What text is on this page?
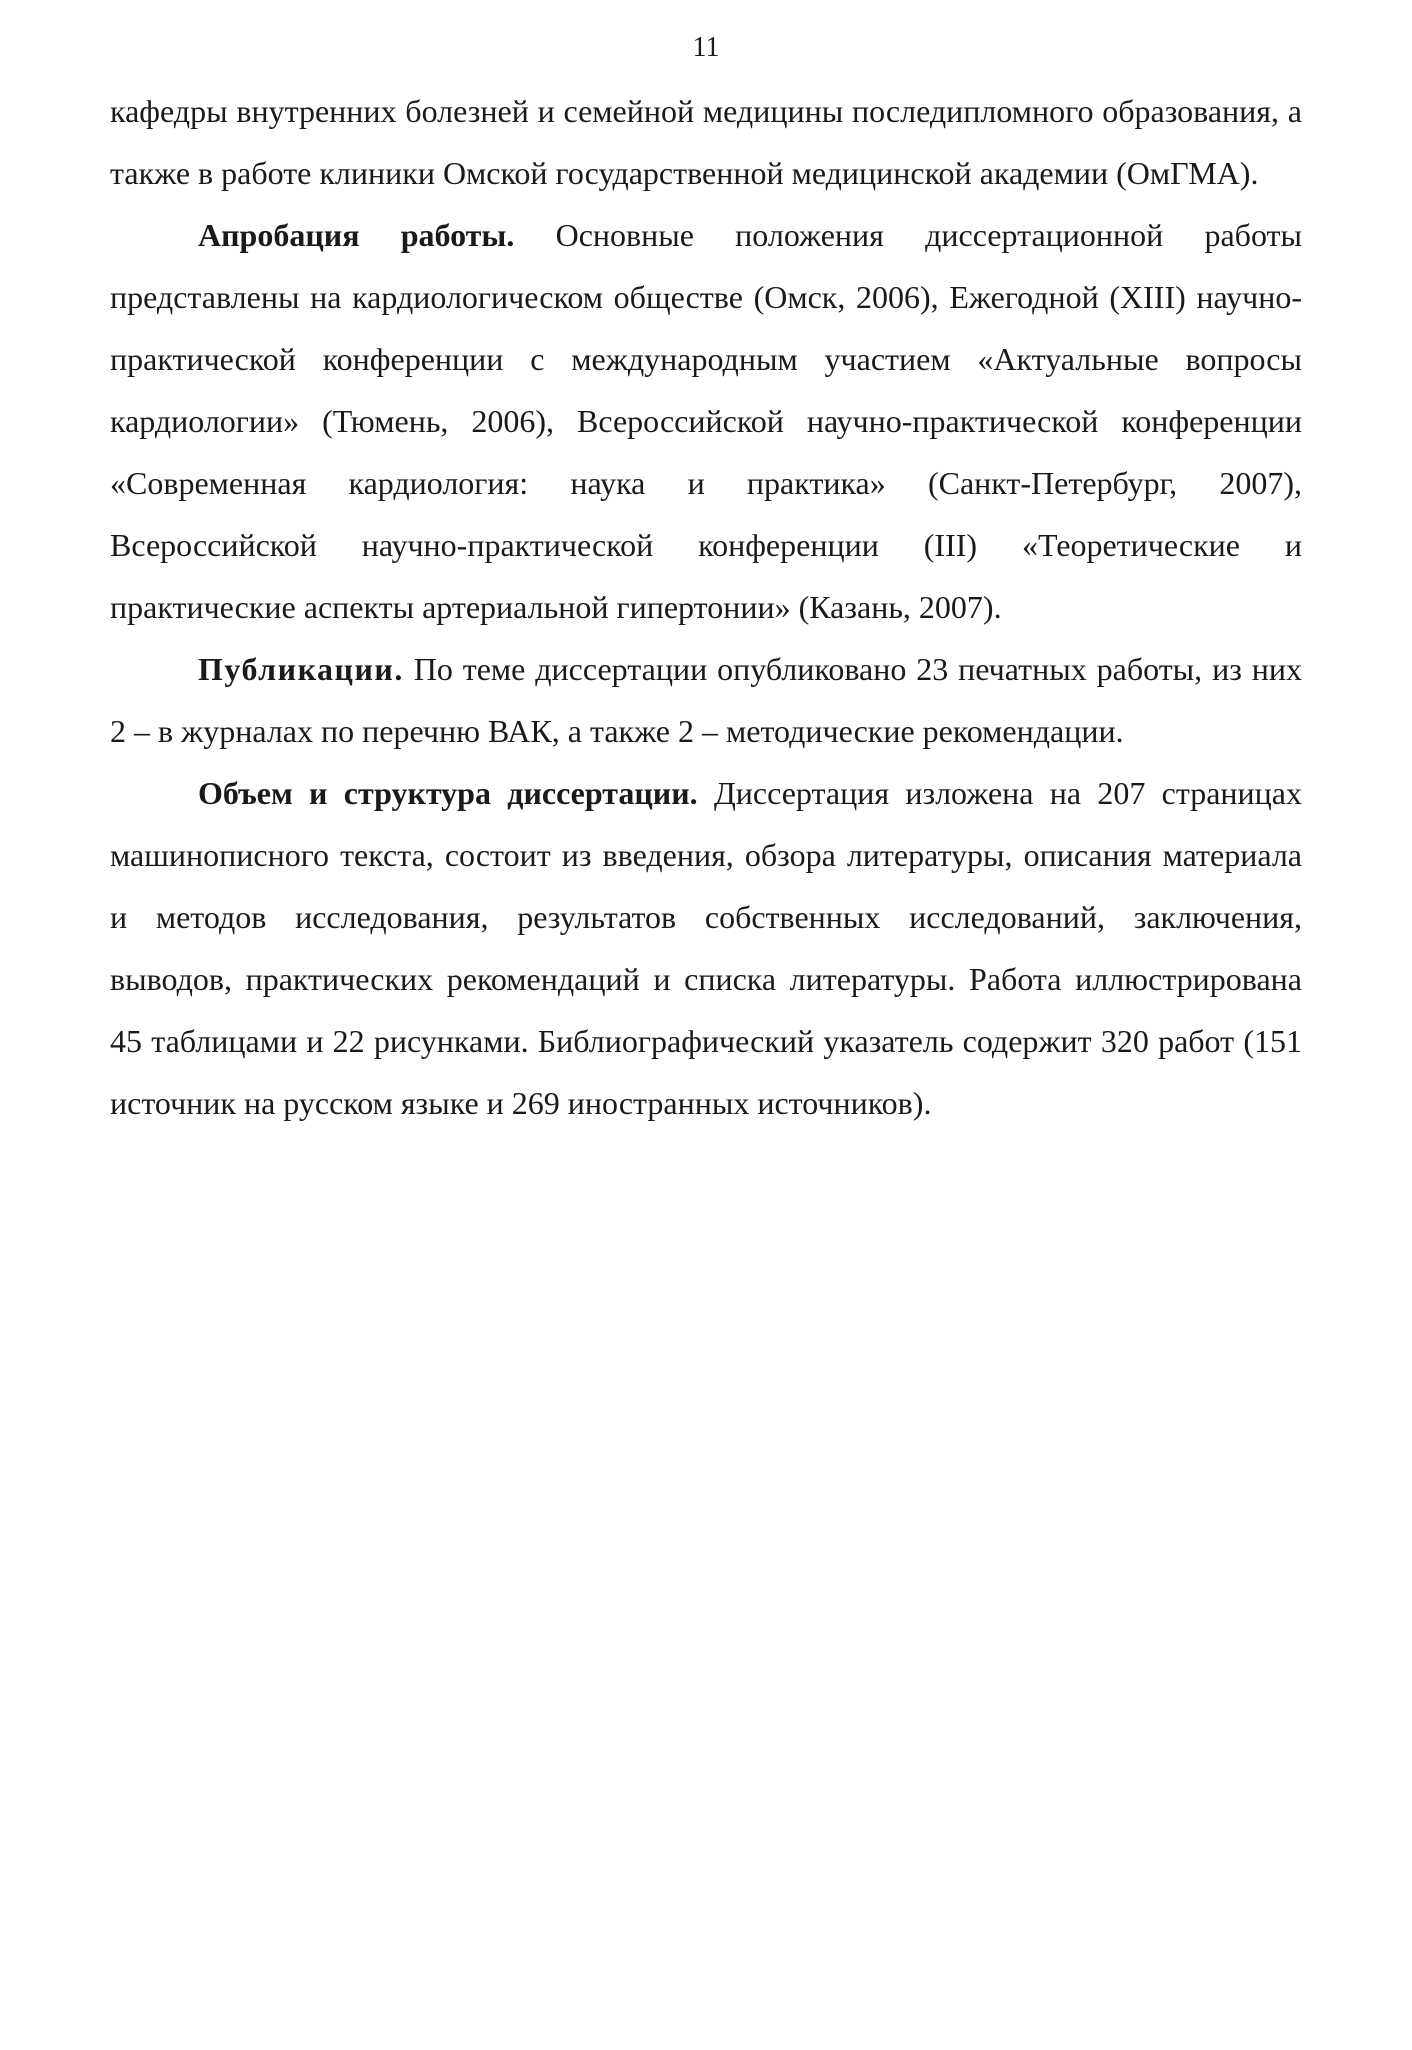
11

кафедры внутренних болезней и семейной медицины последипломного образования, а также в работе клиники Омской государственной медицинской академии (ОмГМА).

Апробация работы. Основные положения диссертационной работы представлены на кардиологическом обществе (Омск, 2006), Ежегодной (XIII) научно-практической конференции с международным участием «Актуальные вопросы кардиологии» (Тюмень, 2006), Всероссийской научно-практической конференции «Современная кардиология: наука и практика» (Санкт-Петербург, 2007), Всероссийской научно-практической конференции (III) «Теоретические и практические аспекты артериальной гипертонии» (Казань, 2007).

Публикации. По теме диссертации опубликовано 23 печатных работы, из них 2 – в журналах по перечню ВАК, а также 2 – методические рекомендации.

Объем и структура диссертации. Диссертация изложена на 207 страницах машинописного текста, состоит из введения, обзора литературы, описания материала и методов исследования, результатов собственных исследований, заключения, выводов, практических рекомендаций и списка литературы. Работа иллюстрирована 45 таблицами и 22 рисунками. Библиографический указатель содержит 320 работ (151 источник на русском языке и 269 иностранных источников).
